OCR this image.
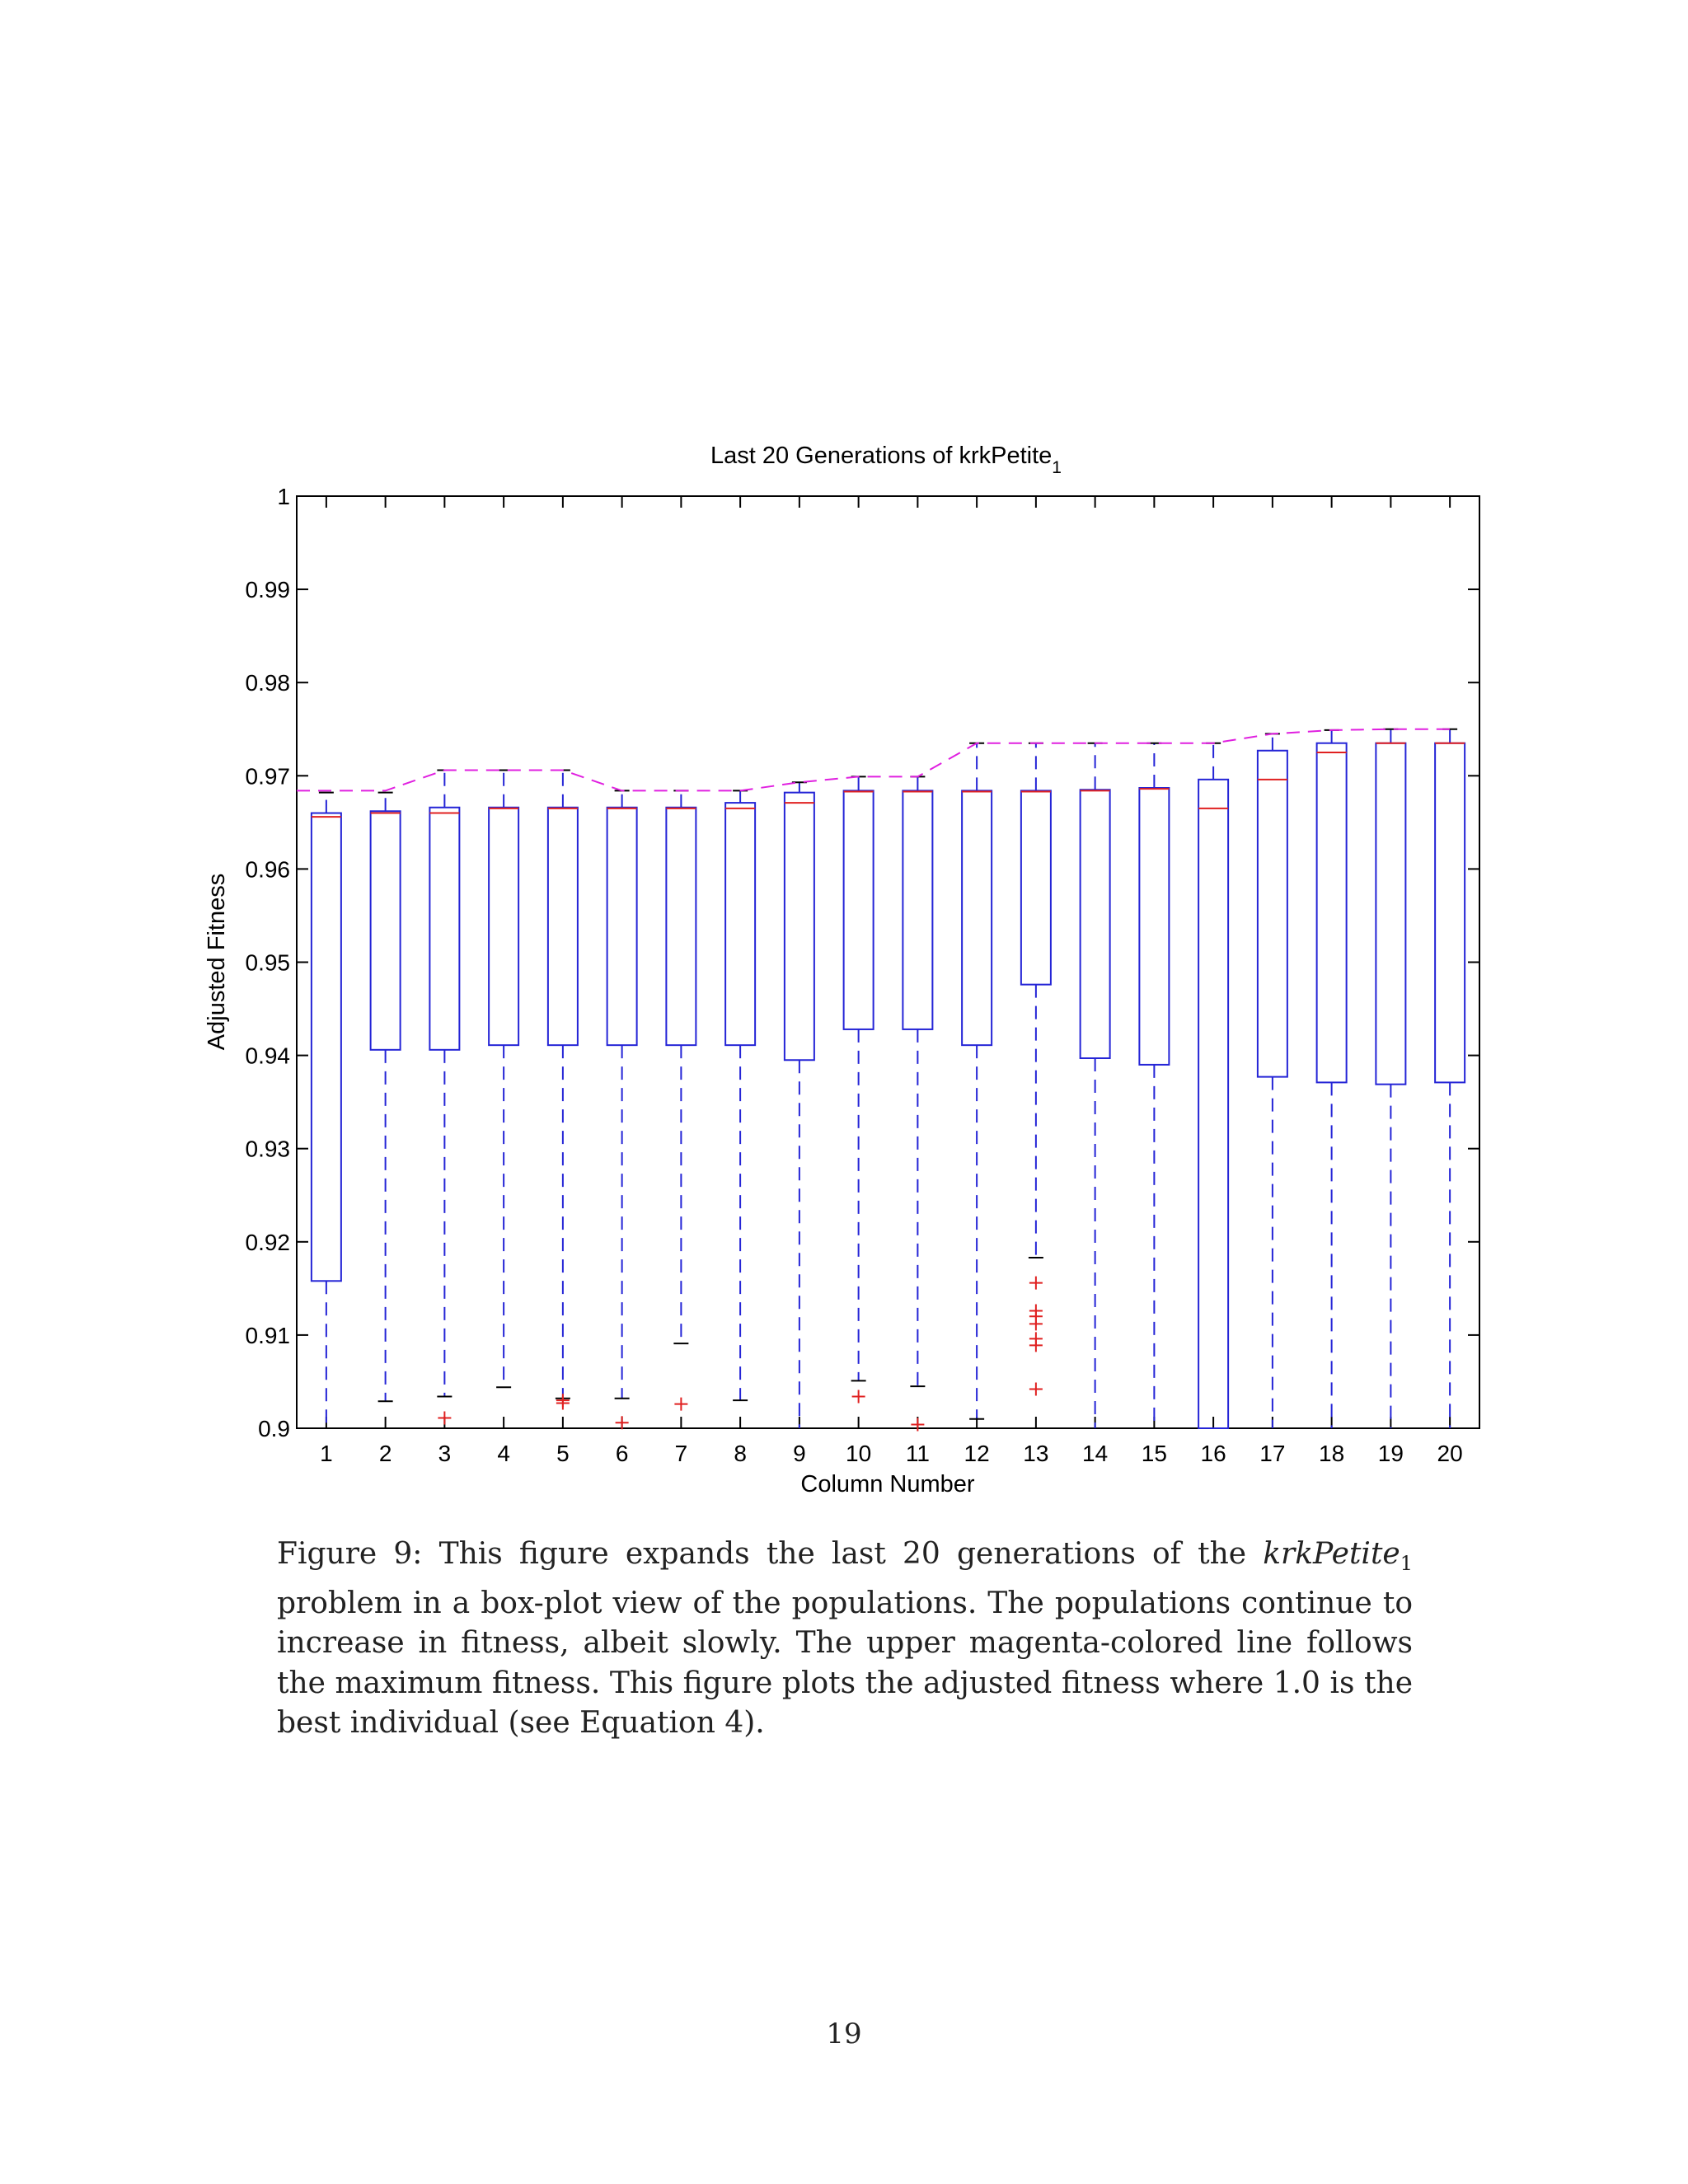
Last 20 Generations of krkPetite$_1$
0.9
0.91
0.92
0.93
0.94
0.95
0.96
0.97
0.98
0.99
1
1 2 3 4 5 6 7 8 9 10 11 12 13 14 15 16 17 18 19 20
Column Number
Adjusted Fitness
Figure 9: This figure expands the last 20 generations of the krkPetite$_1$ problem in a box-plot view of the populations. The populations continue to increase in fitness, albeit slowly. The upper magenta-colored line follows the maximum fitness. This figure plots the adjusted fitness where 1.0 is the best individual (see Equation 4).
19
